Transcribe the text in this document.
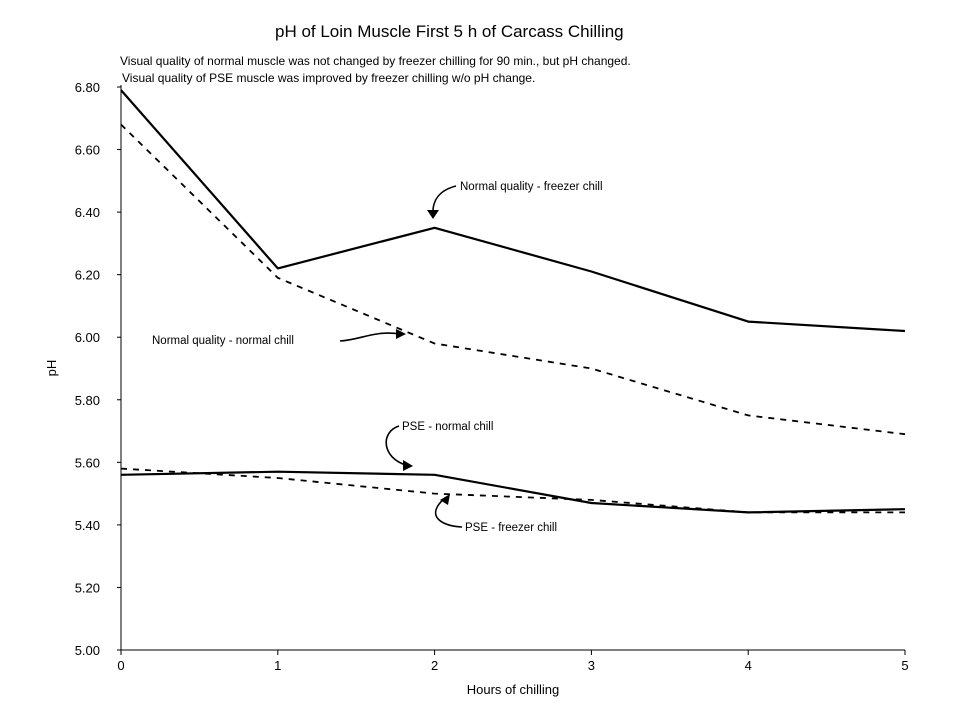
pH of Loin Muscle First 5 h of Carcass Chilling
Visual quality of normal muscle was not changed by freezer chilling for 90 min., but pH changed.
Visual quality of PSE muscle was improved by freezer chilling w/o pH change.
5.00
5.20
5.40
5.60
5.80
6.00
6.20
6.40
6.60
6.80
0	1	2	3	4	5
Hours of chilling
pH
Normal quality - freezer chill
Normal quality - normal chill
PSE - normal chill
PSE - freezer chill
